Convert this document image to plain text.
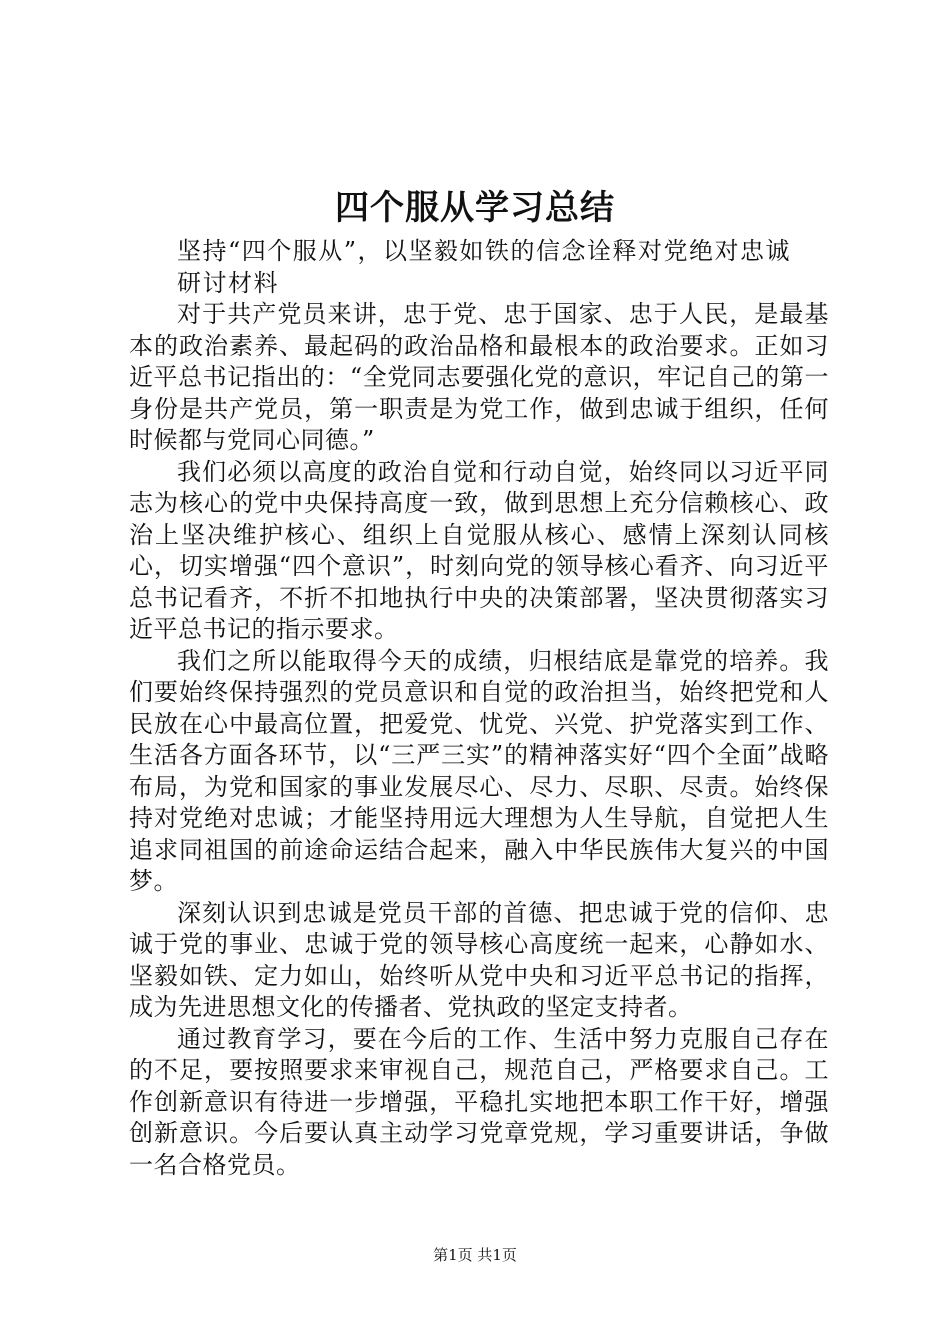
四个服从学习总结

坚持“四个服从”，以坚毅如铁的信念诠释对党绝对忠诚

研讨材料

对于共产党员来讲，忠于党、忠于国家、忠于人民，是最基本的政治素养、最起码的政治品格和最根本的政治要求。正如习近平总书记指出的：“全党同志要强化党的意识，牢记自己的第一身份是共产党员，第一职责是为党工作，做到忠诚于组织，任何时候都与党同心同德。”

我们必须以高度的政治自觉和行动自觉，始终同以习近平同志为核心的党中央保持高度一致，做到思想上充分信赖核心、政治上坚决维护核心、组织上自觉服从核心、感情上深刻认同核心，切实增强“四个意识”，时刻向党的领导核心看齐、向习近平总书记看齐，不折不扣地执行中央的决策部署，坚决贯彻落实习近平总书记的指示要求。

我们之所以能取得今天的成绩，归根结底是靠党的培养。我们要始终保持强烈的党员意识和自觉的政治担当，始终把党和人民放在心中最高位置，把爱党、忧党、兴党、护党落实到工作、生活各方面各环节，以“三严三实”的精神落实好“四个全面”战略布局，为党和国家的事业发展尽心、尽力、尽职、尽责。始终保持对党绝对忠诚；才能坚持用远大理想为人生导航，自觉把人生追求同祖国的前途命运结合起来，融入中华民族伟大复兴的中国梦。

深刻认识到忠诚是党员干部的首德、把忠诚于党的信仰、忠诚于党的事业、忠诚于党的领导核心高度统一起来，心静如水、坚毅如铁、定力如山，始终听从党中央和习近平总书记的指挥，成为先进思想文化的传播者、党执政的坚定支持者。

通过教育学习，要在今后的工作、生活中努力克服自己存在的不足，要按照要求来审视自己，规范自己，严格要求自己。工作创新意识有待进一步增强，平稳扎实地把本职工作干好，增强创新意识。今后要认真主动学习党章党规，学习重要讲话，争做一名合格党员。

第1页 共1页
